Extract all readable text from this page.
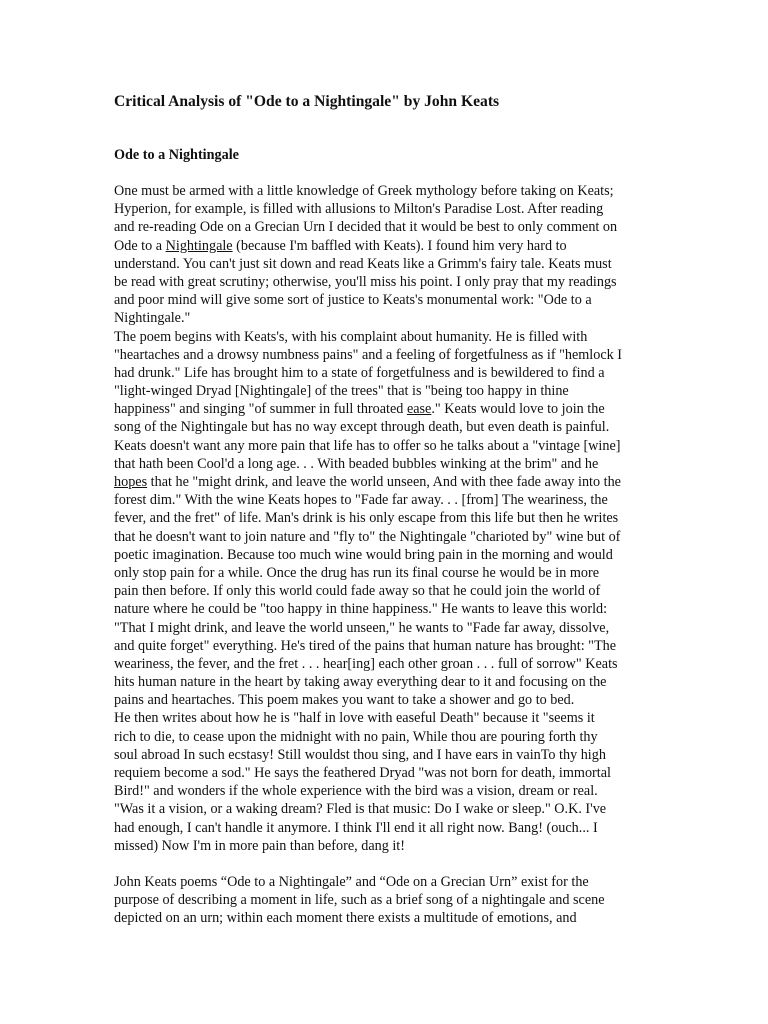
Critical Analysis of "Ode to a Nightingale" by John Keats
Ode to a Nightingale
One must be armed with a little knowledge of Greek mythology before taking on Keats;
Hyperion, for example, is filled with allusions to Milton's Paradise Lost. After reading
and re-reading Ode on a Grecian Urn I decided that it would be best to only comment on
Ode to a Nightingale (because I'm baffled with Keats). I found him very hard to
understand. You can't just sit down and read Keats like a Grimm's fairy tale. Keats must
be read with great scrutiny; otherwise, you'll miss his point. I only pray that my readings
and poor mind will give some sort of justice to Keats's monumental work: "Ode to a
Nightingale."
The poem begins with Keats's, with his complaint about humanity. He is filled with
"heartaches and a drowsy numbness pains" and a feeling of forgetfulness as if "hemlock I
had drunk." Life has brought him to a state of forgetfulness and is bewildered to find a
"light-winged Dryad [Nightingale] of the trees" that is "being too happy in thine
happiness" and singing "of summer in full throated ease." Keats would love to join the
song of the Nightingale but has no way except through death, but even death is painful.
Keats doesn't want any more pain that life has to offer so he talks about a "vintage [wine]
that hath been Cool'd a long age. . . With beaded bubbles winking at the brim" and he
hopes that he "might drink, and leave the world unseen, And with thee fade away into the
forest dim." With the wine Keats hopes to "Fade far away. . . [from] The weariness, the
fever, and the fret" of life. Man's drink is his only escape from this life but then he writes
that he doesn't want to join nature and "fly to" the Nightingale "charioted by" wine but of
poetic imagination. Because too much wine would bring pain in the morning and would
only stop pain for a while. Once the drug has run its final course he would be in more
pain then before. If only this world could fade away so that he could join the world of
nature where he could be "too happy in thine happiness." He wants to leave this world:
"That I might drink, and leave the world unseen," he wants to "Fade far away, dissolve,
and quite forget" everything. He's tired of the pains that human nature has brought: "The
weariness, the fever, and the fret . . . hear[ing] each other groan . . . full of sorrow" Keats
hits human nature in the heart by taking away everything dear to it and focusing on the
pains and heartaches. This poem makes you want to take a shower and go to bed.
He then writes about how he is "half in love with easeful Death" because it "seems it
rich to die, to cease upon the midnight with no pain, While thou are pouring forth thy
soul abroad In such ecstasy! Still wouldst thou sing, and I have ears in vainTo thy high
requiem become a sod." He says the feathered Dryad "was not born for death, immortal
Bird!" and wonders if the whole experience with the bird was a vision, dream or real.
"Was it a vision, or a waking dream? Fled is that music: Do I wake or sleep." O.K. I've
had enough, I can't handle it anymore. I think I'll end it all right now. Bang! (ouch... I
missed) Now I'm in more pain than before, dang it!
John Keats poems “Ode to a Nightingale” and “Ode on a Grecian Urn” exist for the
purpose of describing a moment in life, such as a brief song of a nightingale and scene
depicted on an urn; within each moment there exists a multitude of emotions, and
